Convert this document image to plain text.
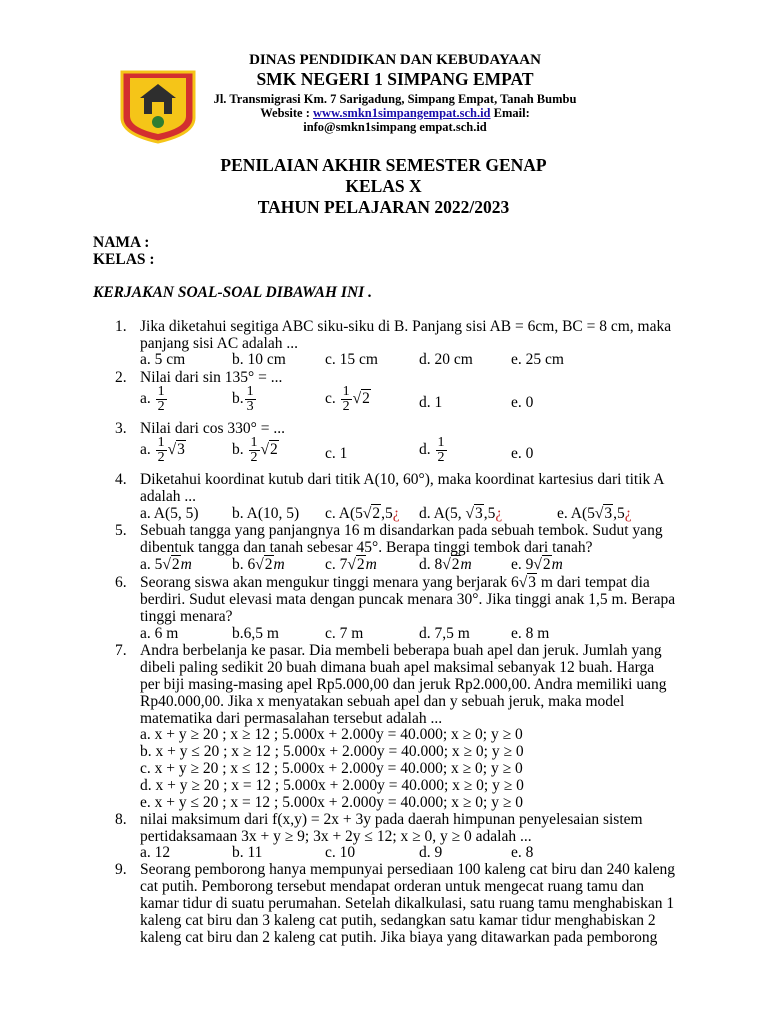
DINAS PENDIDIKAN DAN KEBUDAYAAN
SMK NEGERI 1 SIMPANG EMPAT
Jl. Transmigrasi Km. 7 Sarigadung, Simpang Empat, Tanah Bumbu
Website : www.smkn1simpangempat.sch.id Email:
info@smkn1simpang empat.sch.id
PENILAIAN AKHIR SEMESTER GENAP
KELAS X
TAHUN PELAJARAN 2022/2023
NAMA :
KELAS :
KERJAKAN SOAL-SOAL DIBAWAH INI .
1. Jika diketahui segitiga ABC siku-siku di B. Panjang sisi AB = 6cm, BC = 8 cm, maka
panjang sisi AC adalah ...
a. 5 cm	b. 10 cm	c. 15 cm	d. 20 cm e. 25 cm
2. Nilai dari sin 135° = ...
a. $\frac{1}{2}$	b. $\frac{1}{3}$	c. $\frac{1}{2} √2$	d. 1	e. 0
3. Nilai dari cos 330° = ...
a. $\frac{1}{2} √3$	b. $\frac{1}{2} √2$	c. 1	d. $\frac{1}{2}$	e. 0
4. Diketahui koordinat kutub dari titik A(10, 60°), maka koordinat kartesius dari titik A
adalah ...
a. A(5, 5) b. A(10, 5) c. A(5√2,5¿ d. A(5, √3,5¿	e. A(5√3,5¿
5. Sebuah tangga yang panjangnya 16 m disandarkan pada sebuah tembok. Sudut yang
dibentuk tangga dan tanah sebesar 45°. Berapa tinggi tembok dari tanah?
a. 5√2m	b. 6√2m	c. 7√2m	d. 8√2m	e. 9√2m
6. Seorang siswa akan mengukur tinggi menara yang berjarak 6√3 m dari tempat dia
berdiri. Sudut elevasi mata dengan puncak menara 30°. Jika tinggi anak 1,5 m. Berapa
tinggi menara?
a. 6 m	b.6,5 m	c. 7 m	d. 7,5 m	e. 8 m
7. Andra berbelanja ke pasar. Dia membeli beberapa buah apel dan jeruk. Jumlah yang
dibeli paling sedikit 20 buah dimana buah apel maksimal sebanyak 12 buah. Harga
per biji masing-masing apel Rp5.000,00 dan jeruk Rp2.000,00. Andra memiliki uang
Rp40.000,00. Jika x menyatakan sebuah apel dan y sebuah jeruk, maka model
matematika dari permasalahan tersebut adalah ...
a. x + y ≥ 20 ; x ≥ 12 ; 5.000x + 2.000y = 40.000; x ≥ 0; y ≥ 0
b. x + y ≤ 20 ; x ≥ 12 ; 5.000x + 2.000y = 40.000; x ≥ 0; y ≥ 0
c. x + y ≥ 20 ; x ≤ 12 ; 5.000x + 2.000y = 40.000; x ≥ 0; y ≥ 0
d. x + y ≥ 20 ; x = 12 ; 5.000x + 2.000y = 40.000; x ≥ 0; y ≥ 0
e. x + y ≤ 20 ; x = 12 ; 5.000x + 2.000y = 40.000; x ≥ 0; y ≥ 0
8. nilai maksimum dari f(x,y) = 2x + 3y pada daerah himpunan penyelesaian sistem
pertidaksamaan 3x + y ≥ 9; 3x + 2y ≤ 12; x ≥ 0, y ≥ 0 adalah ...
a. 12	b. 11	c. 10	d. 9	e. 8
9. Seorang pemborong hanya mempunyai persediaan 100 kaleng cat biru dan 240 kaleng
cat putih. Pemborong tersebut mendapat orderan untuk mengecat ruang tamu dan
kamar tidur di suatu perumahan. Setelah dikalkulasi, satu ruang tamu menghabiskan 1
kaleng cat biru dan 3 kaleng cat putih, sedangkan satu kamar tidur menghabiskan 2
kaleng cat biru dan 2 kaleng cat putih. Jika biaya yang ditawarkan pada pemborong
